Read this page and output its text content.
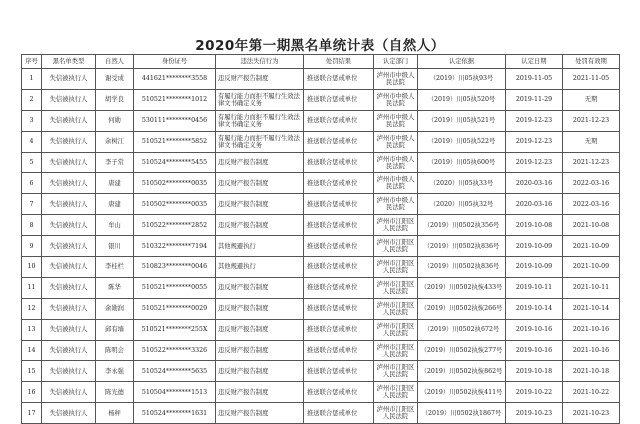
2020年第一期黑名单统计表（自然人）
序号	黑名单类型	自然人	身份证号	违法失信行为	处罚结果	认定部门	认定依据	认定日期	处罚有效期
1	失信被执行人	谢受成	441621********3558	违反财产报告制度	推送联合惩戒单位	泸州市中级人民法院	（2019）川05执93号	2019-11-05	2021-11-05
2	失信被执行人	胡学良	510521********1012	有履行能力而拒不履行生效法律文书确定义务	推送联合惩戒单位	泸州市中级人民法院	（2019）川05执520号	2019-11-29	无期
3	失信被执行人	何勋	530111********0456	有履行能力而拒不履行生效法律文书确定义务	推送联合惩戒单位	泸州市中级人民法院	（2019）川05执521号	2019-12-23	2021-12-23
4	失信被执行人	余树江	510521********5852	有履行能力而拒不履行生效法律文书确定义务	推送联合惩戒单位	泸州市中级人民法院	（2019）川05执522号	2019-12-23	无期
5	失信被执行人	李子常	510524********5455	违反财产报告制度	推送联合惩戒单位	泸州市中级人民法院	（2019）川05执600号	2019-12-23	2021-12-23
6	失信被执行人	唐建	510502********0035	违反财产报告制度	推送联合惩戒单位	泸州市中级人民法院	（2020）川05执33号	2020-03-16	2022-03-16
7	失信被执行人	唐建	510502********0035	违反财产报告制度	推送联合惩戒单位	泸州市中级人民法院	（2020）川05执32号	2020-03-16	2022-03-16
8	失信被执行人	牟山	510522********2852	违反财产报告制度	推送联合惩戒单位	泸州市江阳区人民法院	（2019）川0502执356号	2019-10-08	2021-10-08
9	失信被执行人	银川	510322********7194	其他规避执行	推送联合惩戒单位	泸州市江阳区人民法院	（2019）川0502执836号	2019-10-09	2021-10-09
10	失信被执行人	李桂栏	510823********0046	其他规避执行	推送联合惩戒单位	泸州市江阳区人民法院	（2019）川0502执836号	2019-10-09	2021-10-09
11	失信被执行人	陈华	510521********0055	违反财产报告制度	推送联合惩戒单位	泸州市江阳区人民法院	（2019）川0502执恢433号	2019-10-11	2021-10-11
12	失信被执行人	余勋润	510521********0029	违反财产报告制度	推送联合惩戒单位	泸州市江阳区人民法院	（2019）川0502执恢266号	2019-10-14	2021-10-14
13	失信被执行人	邱有墙	510521********255X	违反财产报告制度	推送联合惩戒单位	泸州市江阳区人民法院	（2019）川0502执672号	2019-10-16	2021-10-16
14	失信被执行人	陈明会	510522********3326	违反财产报告制度	推送联合惩戒单位	泸州市江阳区人民法院	（2019）川0502执恢277号	2019-10-16	2021-10-16
15	失信被执行人	李永强	510524********5635	违反财产报告制度	推送联合惩戒单位	泸州市江阳区人民法院	（2019）川0502执恢862号	2019-10-18	2021-10-18
16	失信被执行人	陈光德	510504********1513	违反财产报告制度	推送联合惩戒单位	泸州市江阳区人民法院	（2019）川0502执恢411号	2019-10-22	2021-10-22
17	失信被执行人	杨秤	510524********1631	违反财产报告制度	推送联合惩戒单位	泸州市江阳区人民法院	（2019）川0502执1867号	2019-10-23	2021-10-23
